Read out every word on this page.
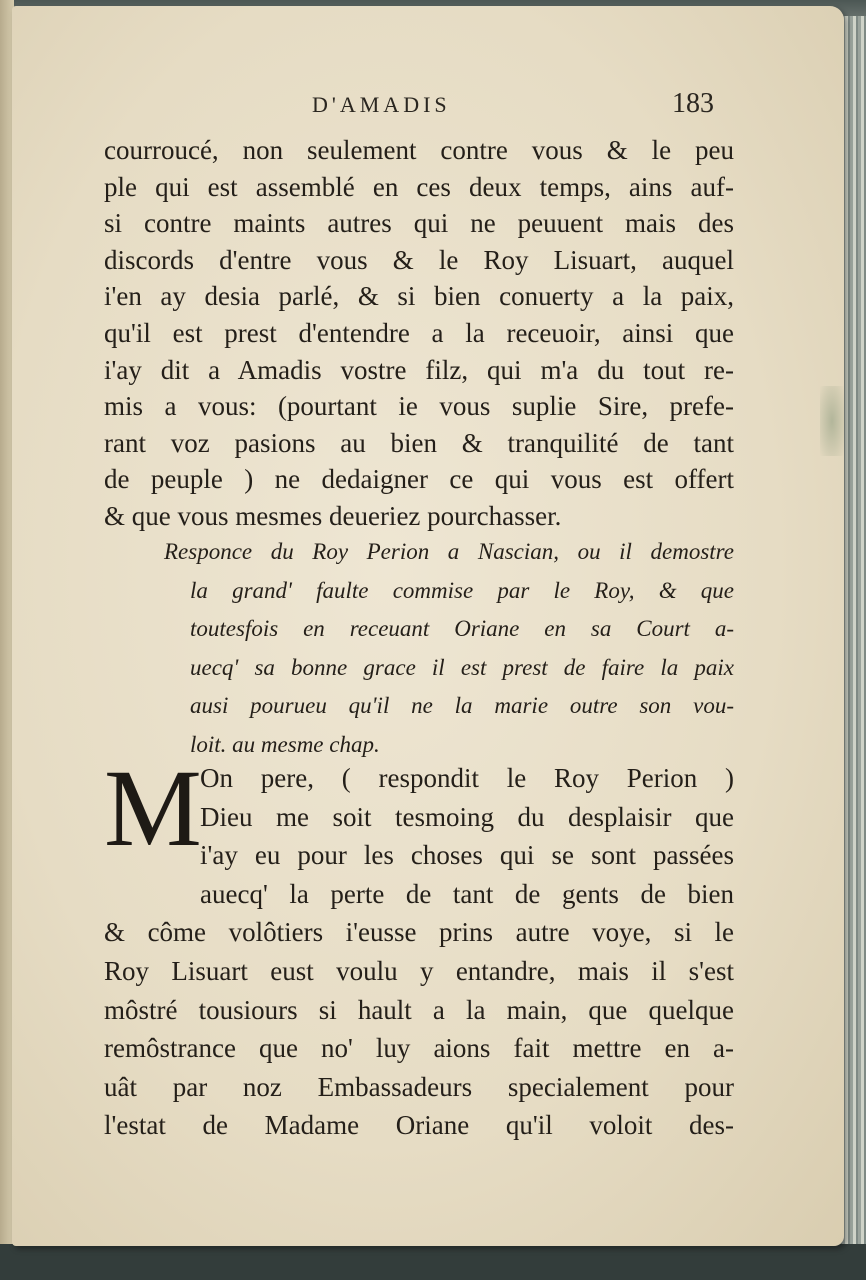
D'AMADIS	183
courroucé, non seulement contre vous & le peu
ple qui est assemblé en ces deux temps, ains auf-
si contre maints autres qui ne peuuent mais des
discords d'entre vous & le Roy Lisuart, auquel
i'en ay desia parlé, & si bien conuerty a la paix,
qu'il est prest d'entendre a la receuoir, ainsi que
i'ay dit a Amadis vostre filz, qui m'a du tout re-
mis a vous: (pourtant ie vous suplie Sire, prefe-
rant voz pasions au bien & tranquilité de tant
de peuple ) ne dedaigner ce qui vous est offert
& que vous mesmes deueriez pourchasser.
Responce du Roy Perion a Nascian, ou il demostre
la grand' faulte commise par le Roy, & que
toutesfois en receuant Oriane en sa Court a-
uecq' sa bonne grace il est prest de faire la paix
ausi pourueu qu'il ne la marie outre son vou-
loit. au mesme chap.
M
On pere, ( respondit le Roy Perion )
Dieu me soit tesmoing du desplaisir que
i'ay eu pour les choses qui se sont passées
auecq' la perte de tant de gents de bien
& côme volôtiers i'eusse prins autre voye, si le
Roy Lisuart eust voulu y entandre, mais il s'est
môstré tousiours si hault a la main, que quelque
remôstrance que no' luy aions fait mettre en a-
uât par noz Embassadeurs specialement pour
l'estat de Madame Oriane qu'il voloit des-
